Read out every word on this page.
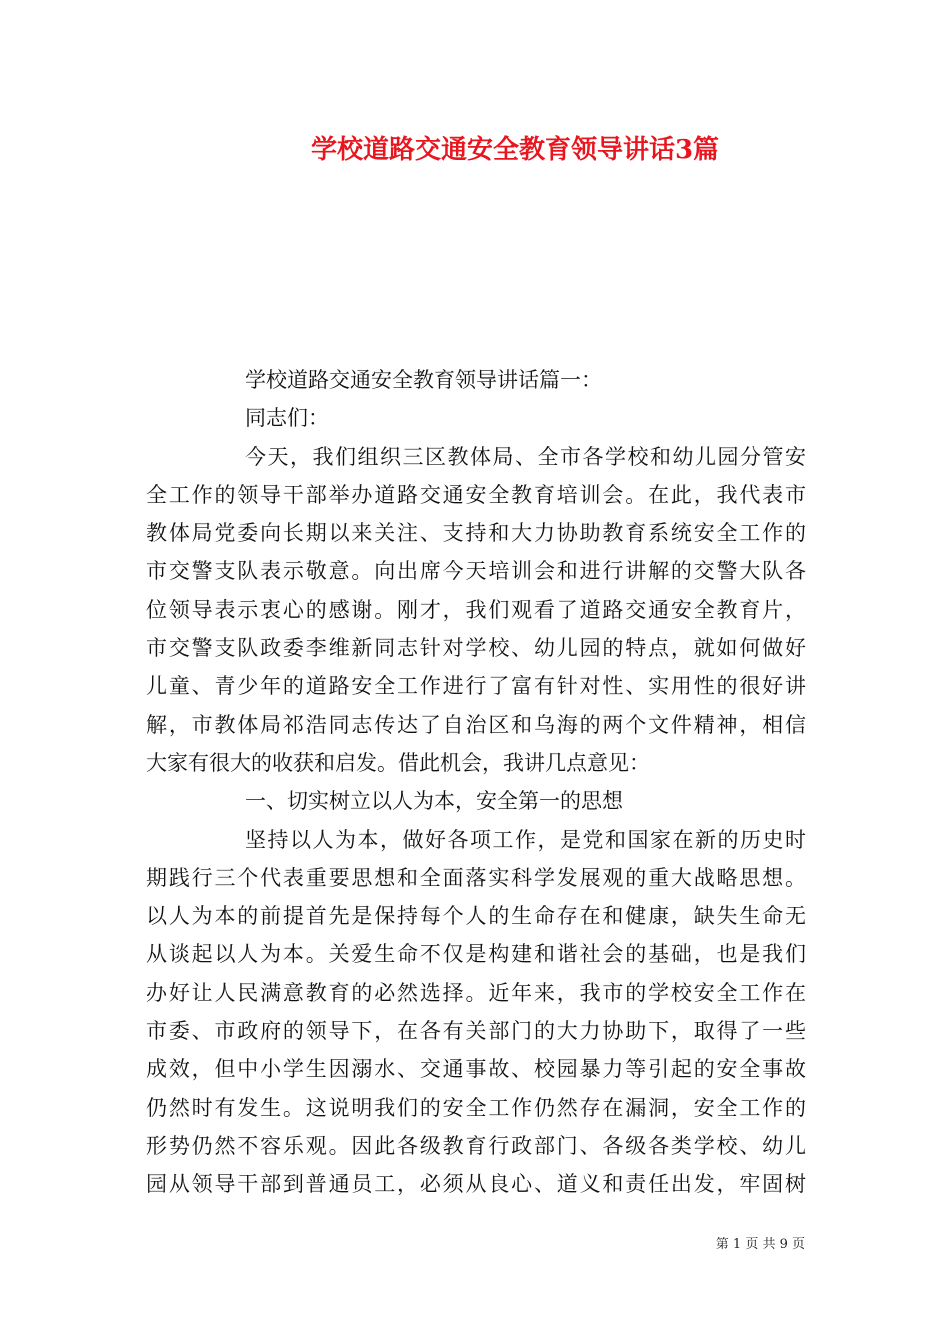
学校道路交通安全教育领导讲话3篇
学校道路交通安全教育领导讲话篇一：
同志们：
今天，我们组织三区教体局、全市各学校和幼儿园分管安
全工作的领导干部举办道路交通安全教育培训会。在此，我代表市
教体局党委向长期以来关注、支持和大力协助教育系统安全工作的
市交警支队表示敬意。向出席今天培训会和进行讲解的交警大队各
位领导表示衷心的感谢。刚才，我们观看了道路交通安全教育片，
市交警支队政委李维新同志针对学校、幼儿园的特点，就如何做好
儿童、青少年的道路安全工作进行了富有针对性、实用性的很好讲
解，市教体局祁浩同志传达了自治区和乌海的两个文件精神，相信
大家有很大的收获和启发。借此机会，我讲几点意见：
一、切实树立以人为本，安全第一的思想
坚持以人为本，做好各项工作，是党和国家在新的历史时
期践行三个代表重要思想和全面落实科学发展观的重大战略思想。
以人为本的前提首先是保持每个人的生命存在和健康，缺失生命无
从谈起以人为本。关爱生命不仅是构建和谐社会的基础，也是我们
办好让人民满意教育的必然选择。近年来，我市的学校安全工作在
市委、市政府的领导下，在各有关部门的大力协助下，取得了一些
成效，但中小学生因溺水、交通事故、校园暴力等引起的安全事故
仍然时有发生。这说明我们的安全工作仍然存在漏洞，安全工作的
形势仍然不容乐观。因此各级教育行政部门、各级各类学校、幼儿
园从领导干部到普通员工，必须从良心、道义和责任出发，牢固树
第 1 页 共 9 页
